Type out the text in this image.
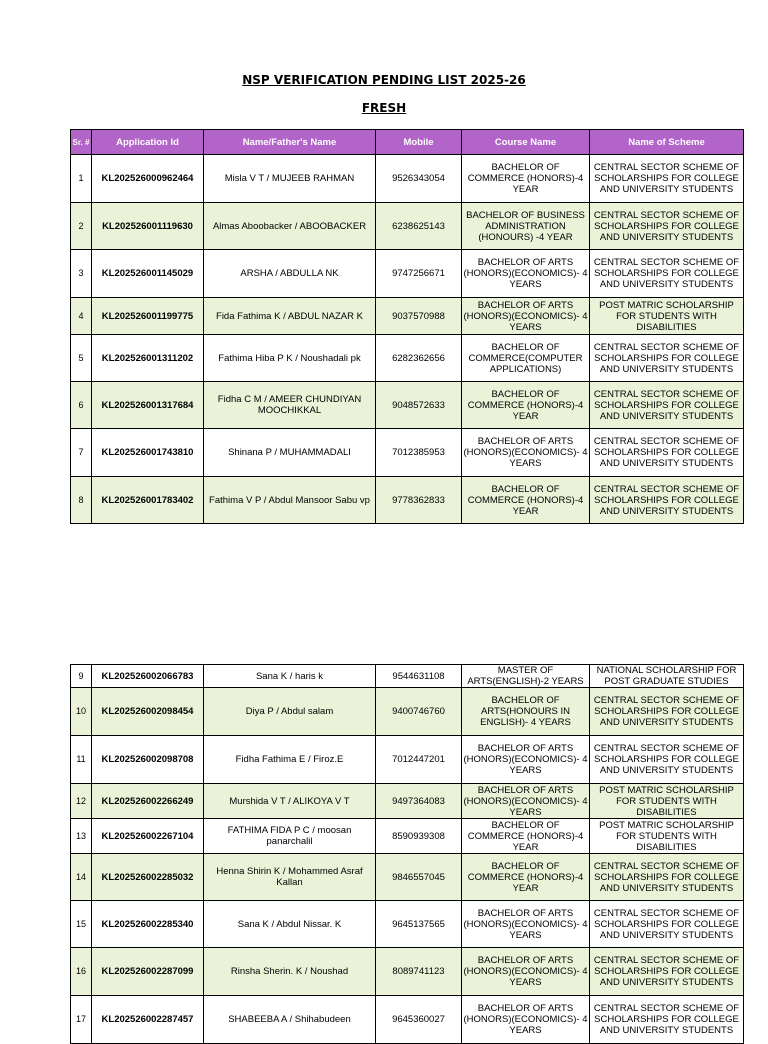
NSP VERIFICATION PENDING LIST 2025-26
FRESH
Sr. #	Application Id	Name/Father's Name	Mobile	Course Name	Name of Scheme
1	KL202526000962464	Misla V T / MUJEEB RAHMAN	9526343054	BACHELOR OF COMMERCE (HONORS)-4 YEAR	CENTRAL SECTOR SCHEME OF SCHOLARSHIPS FOR COLLEGE AND UNIVERSITY STUDENTS
2	KL202526001119630	Almas Aboobacker / ABOOBACKER	6238625143	BACHELOR OF BUSINESS ADMINISTRATION (HONOURS) -4 YEAR	CENTRAL SECTOR SCHEME OF SCHOLARSHIPS FOR COLLEGE AND UNIVERSITY STUDENTS
3	KL202526001145029	ARSHA / ABDULLA NK	9747256671	BACHELOR OF ARTS (HONORS)(ECONOMICS)- 4 YEARS	CENTRAL SECTOR SCHEME OF SCHOLARSHIPS FOR COLLEGE AND UNIVERSITY STUDENTS
4	KL202526001199775	Fida Fathima K / ABDUL NAZAR K	9037570988	BACHELOR OF ARTS (HONORS)(ECONOMICS)- 4 YEARS	POST MATRIC SCHOLARSHIP FOR STUDENTS WITH DISABILITIES
5	KL202526001311202	Fathima Hiba P K / Noushadali pk	6282362656	BACHELOR OF COMMERCE(COMPUTER APPLICATIONS)	CENTRAL SECTOR SCHEME OF SCHOLARSHIPS FOR COLLEGE AND UNIVERSITY STUDENTS
6	KL202526001317684	Fidha C M / AMEER CHUNDIYAN MOOCHIKKAL	9048572633	BACHELOR OF COMMERCE (HONORS)-4 YEAR	CENTRAL SECTOR SCHEME OF SCHOLARSHIPS FOR COLLEGE AND UNIVERSITY STUDENTS
7	KL202526001743810	Shinana P / MUHAMMADALI	7012385953	BACHELOR OF ARTS (HONORS)(ECONOMICS)- 4 YEARS	CENTRAL SECTOR SCHEME OF SCHOLARSHIPS FOR COLLEGE AND UNIVERSITY STUDENTS
8	KL202526001783402	Fathima V P / Abdul Mansoor Sabu vp	9778362833	BACHELOR OF COMMERCE (HONORS)-4 YEAR	CENTRAL SECTOR SCHEME OF SCHOLARSHIPS FOR COLLEGE AND UNIVERSITY STUDENTS
9	KL202526002066783	Sana K / haris k	9544631108	MASTER OF ARTS(ENGLISH)-2 YEARS	NATIONAL SCHOLARSHIP FOR POST GRADUATE STUDIES
10	KL202526002098454	Diya P / Abdul salam	9400746760	BACHELOR OF ARTS(HONOURS IN ENGLISH)- 4 YEARS	CENTRAL SECTOR SCHEME OF SCHOLARSHIPS FOR COLLEGE AND UNIVERSITY STUDENTS
11	KL202526002098708	Fidha Fathima E / Firoz.E	7012447201	BACHELOR OF ARTS (HONORS)(ECONOMICS)- 4 YEARS	CENTRAL SECTOR SCHEME OF SCHOLARSHIPS FOR COLLEGE AND UNIVERSITY STUDENTS
12	KL202526002266249	Murshida V T / ALIKOYA V T	9497364083	BACHELOR OF ARTS (HONORS)(ECONOMICS)- 4 YEARS	POST MATRIC SCHOLARSHIP FOR STUDENTS WITH DISABILITIES
13	KL202526002267104	FATHIMA FIDA P C / moosan panarchalil	8590939308	BACHELOR OF COMMERCE (HONORS)-4 YEAR	POST MATRIC SCHOLARSHIP FOR STUDENTS WITH DISABILITIES
14	KL202526002285032	Henna Shirin K / Mohammed Asraf Kallan	9846557045	BACHELOR OF COMMERCE (HONORS)-4 YEAR	CENTRAL SECTOR SCHEME OF SCHOLARSHIPS FOR COLLEGE AND UNIVERSITY STUDENTS
15	KL202526002285340	Sana K / Abdul Nissar. K	9645137565	BACHELOR OF ARTS (HONORS)(ECONOMICS)- 4 YEARS	CENTRAL SECTOR SCHEME OF SCHOLARSHIPS FOR COLLEGE AND UNIVERSITY STUDENTS
16	KL202526002287099	Rinsha Sherin. K / Noushad	8089741123	BACHELOR OF ARTS (HONORS)(ECONOMICS)- 4 YEARS	CENTRAL SECTOR SCHEME OF SCHOLARSHIPS FOR COLLEGE AND UNIVERSITY STUDENTS
17	KL202526002287457	SHABEEBA A / Shihabudeen	9645360027	BACHELOR OF ARTS (HONORS)(ECONOMICS)- 4 YEARS	CENTRAL SECTOR SCHEME OF SCHOLARSHIPS FOR COLLEGE AND UNIVERSITY STUDENTS
